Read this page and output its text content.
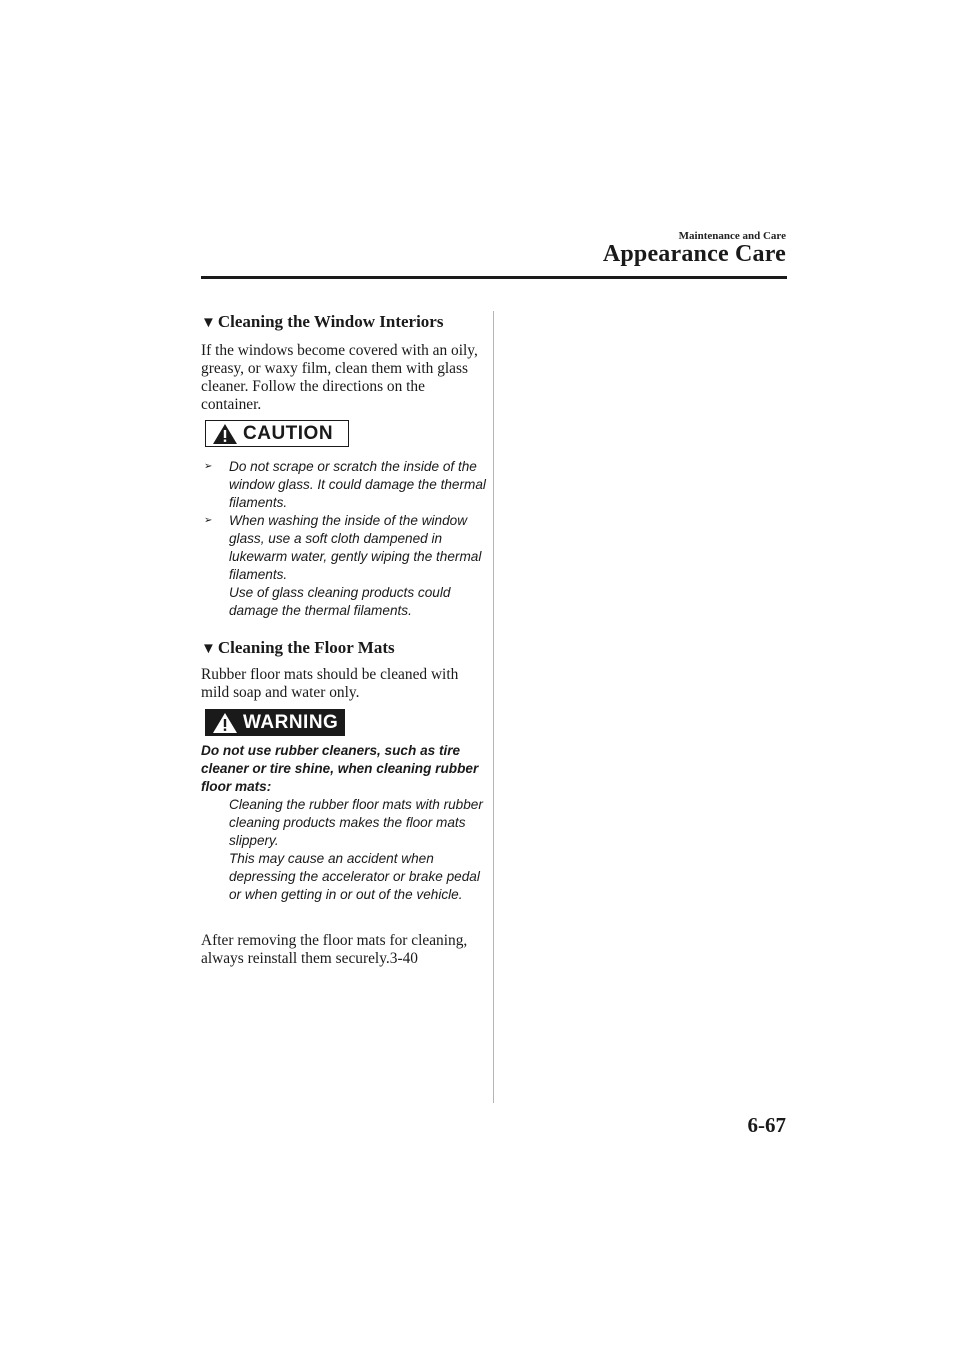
Maintenance and Care
Appearance Care
▼ Cleaning the Window Interiors
If the windows become covered with an oily, greasy, or waxy film, clean them with glass cleaner. Follow the directions on the container.
CAUTION
➢ Do not scrape or scratch the inside of the window glass. It could damage the thermal filaments.
➢ When washing the inside of the window glass, use a soft cloth dampened in lukewarm water, gently wiping the thermal filaments.
Use of glass cleaning products could damage the thermal filaments.
▼ Cleaning the Floor Mats
Rubber floor mats should be cleaned with mild soap and water only.
WARNING
Do not use rubber cleaners, such as tire cleaner or tire shine, when cleaning rubber floor mats:
Cleaning the rubber floor mats with rubber cleaning products makes the floor mats slippery.
This may cause an accident when depressing the accelerator or brake pedal or when getting in or out of the vehicle.
After removing the floor mats for cleaning, always reinstall them securely.3-40
6-67
